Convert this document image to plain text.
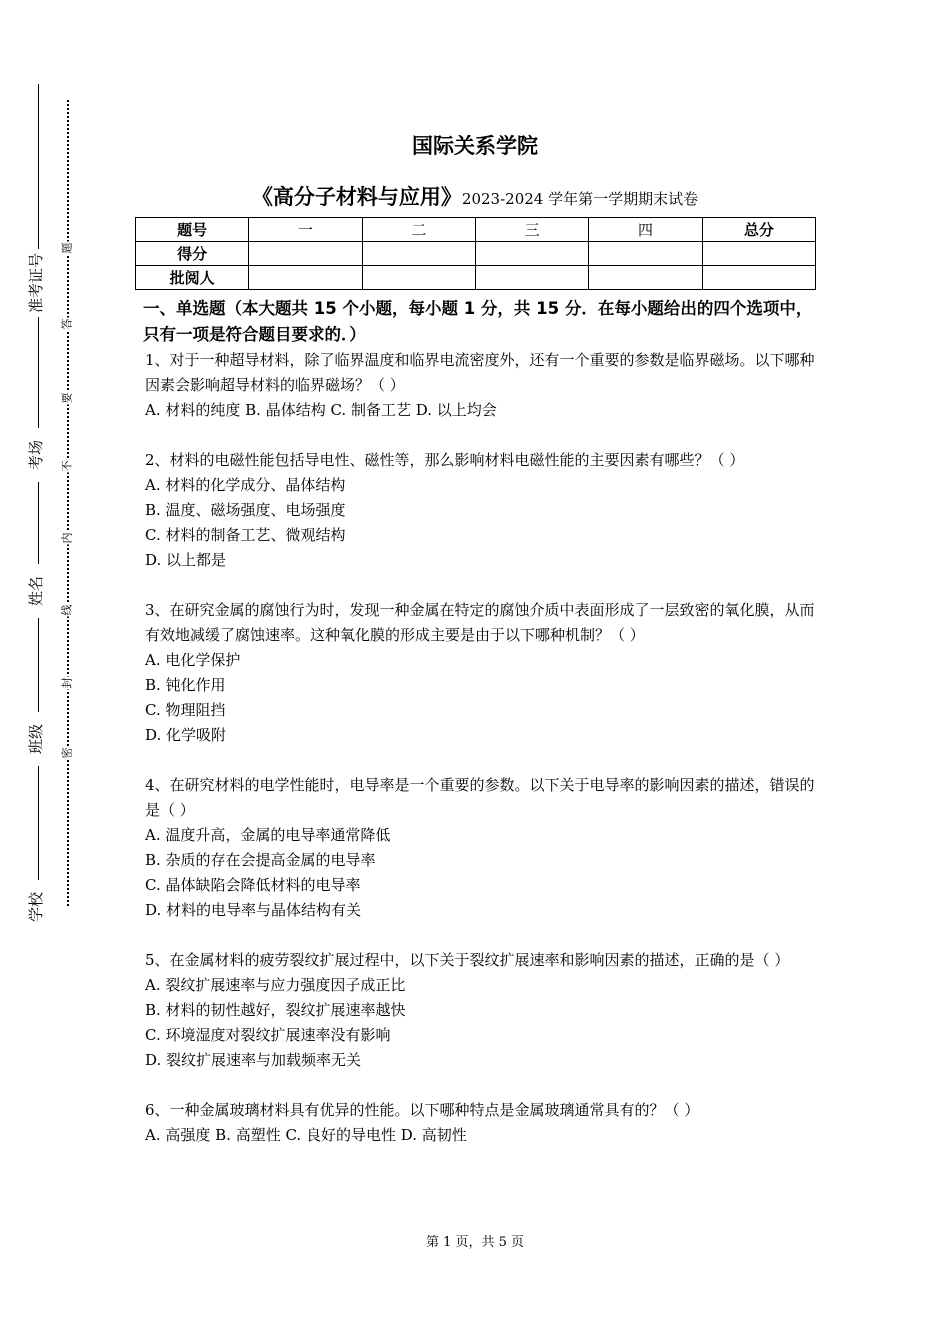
准考证号
考场
姓名
班级
学校
题
答
要
不
内
线
封
密
国际关系学院
《高分子材料与应用》2023-2024 学年第一学期期末试卷
题号	一	二	三	四	总分
得分					
批阅人					
一、单选题（本大题共 15 个小题，每小题 1 分，共 15 分．在每小题给出的四个选项中，只有一项是符合题目要求的．）

1、对于一种超导材料，除了临界温度和临界电流密度外，还有一个重要的参数是临界磁场。以下哪种因素会影响超导材料的临界磁场？（ ）

A. 材料的纯度 B. 晶体结构 C. 制备工艺 D. 以上均会

2、材料的电磁性能包括导电性、磁性等，那么影响材料电磁性能的主要因素有哪些？（ ）

A. 材料的化学成分、晶体结构

B. 温度、磁场强度、电场强度

C. 材料的制备工艺、微观结构

D. 以上都是

3、在研究金属的腐蚀行为时，发现一种金属在特定的腐蚀介质中表面形成了一层致密的氧化膜，从而有效地减缓了腐蚀速率。这种氧化膜的形成主要是由于以下哪种机制？（ ）

A. 电化学保护

B. 钝化作用

C. 物理阻挡

D. 化学吸附

4、在研究材料的电学性能时，电导率是一个重要的参数。以下关于电导率的影响因素的描述，错误的是（ ）

A. 温度升高，金属的电导率通常降低

B. 杂质的存在会提高金属的电导率

C. 晶体缺陷会降低材料的电导率

D. 材料的电导率与晶体结构有关

5、在金属材料的疲劳裂纹扩展过程中，以下关于裂纹扩展速率和影响因素的描述，正确的是（ ）

A. 裂纹扩展速率与应力强度因子成正比

B. 材料的韧性越好，裂纹扩展速率越快

C. 环境湿度对裂纹扩展速率没有影响

D. 裂纹扩展速率与加载频率无关

6、一种金属玻璃材料具有优异的性能。以下哪种特点是金属玻璃通常具有的？（ ）

A. 高强度 B. 高塑性 C. 良好的导电性 D. 高韧性

第 1 页，共 5 页
